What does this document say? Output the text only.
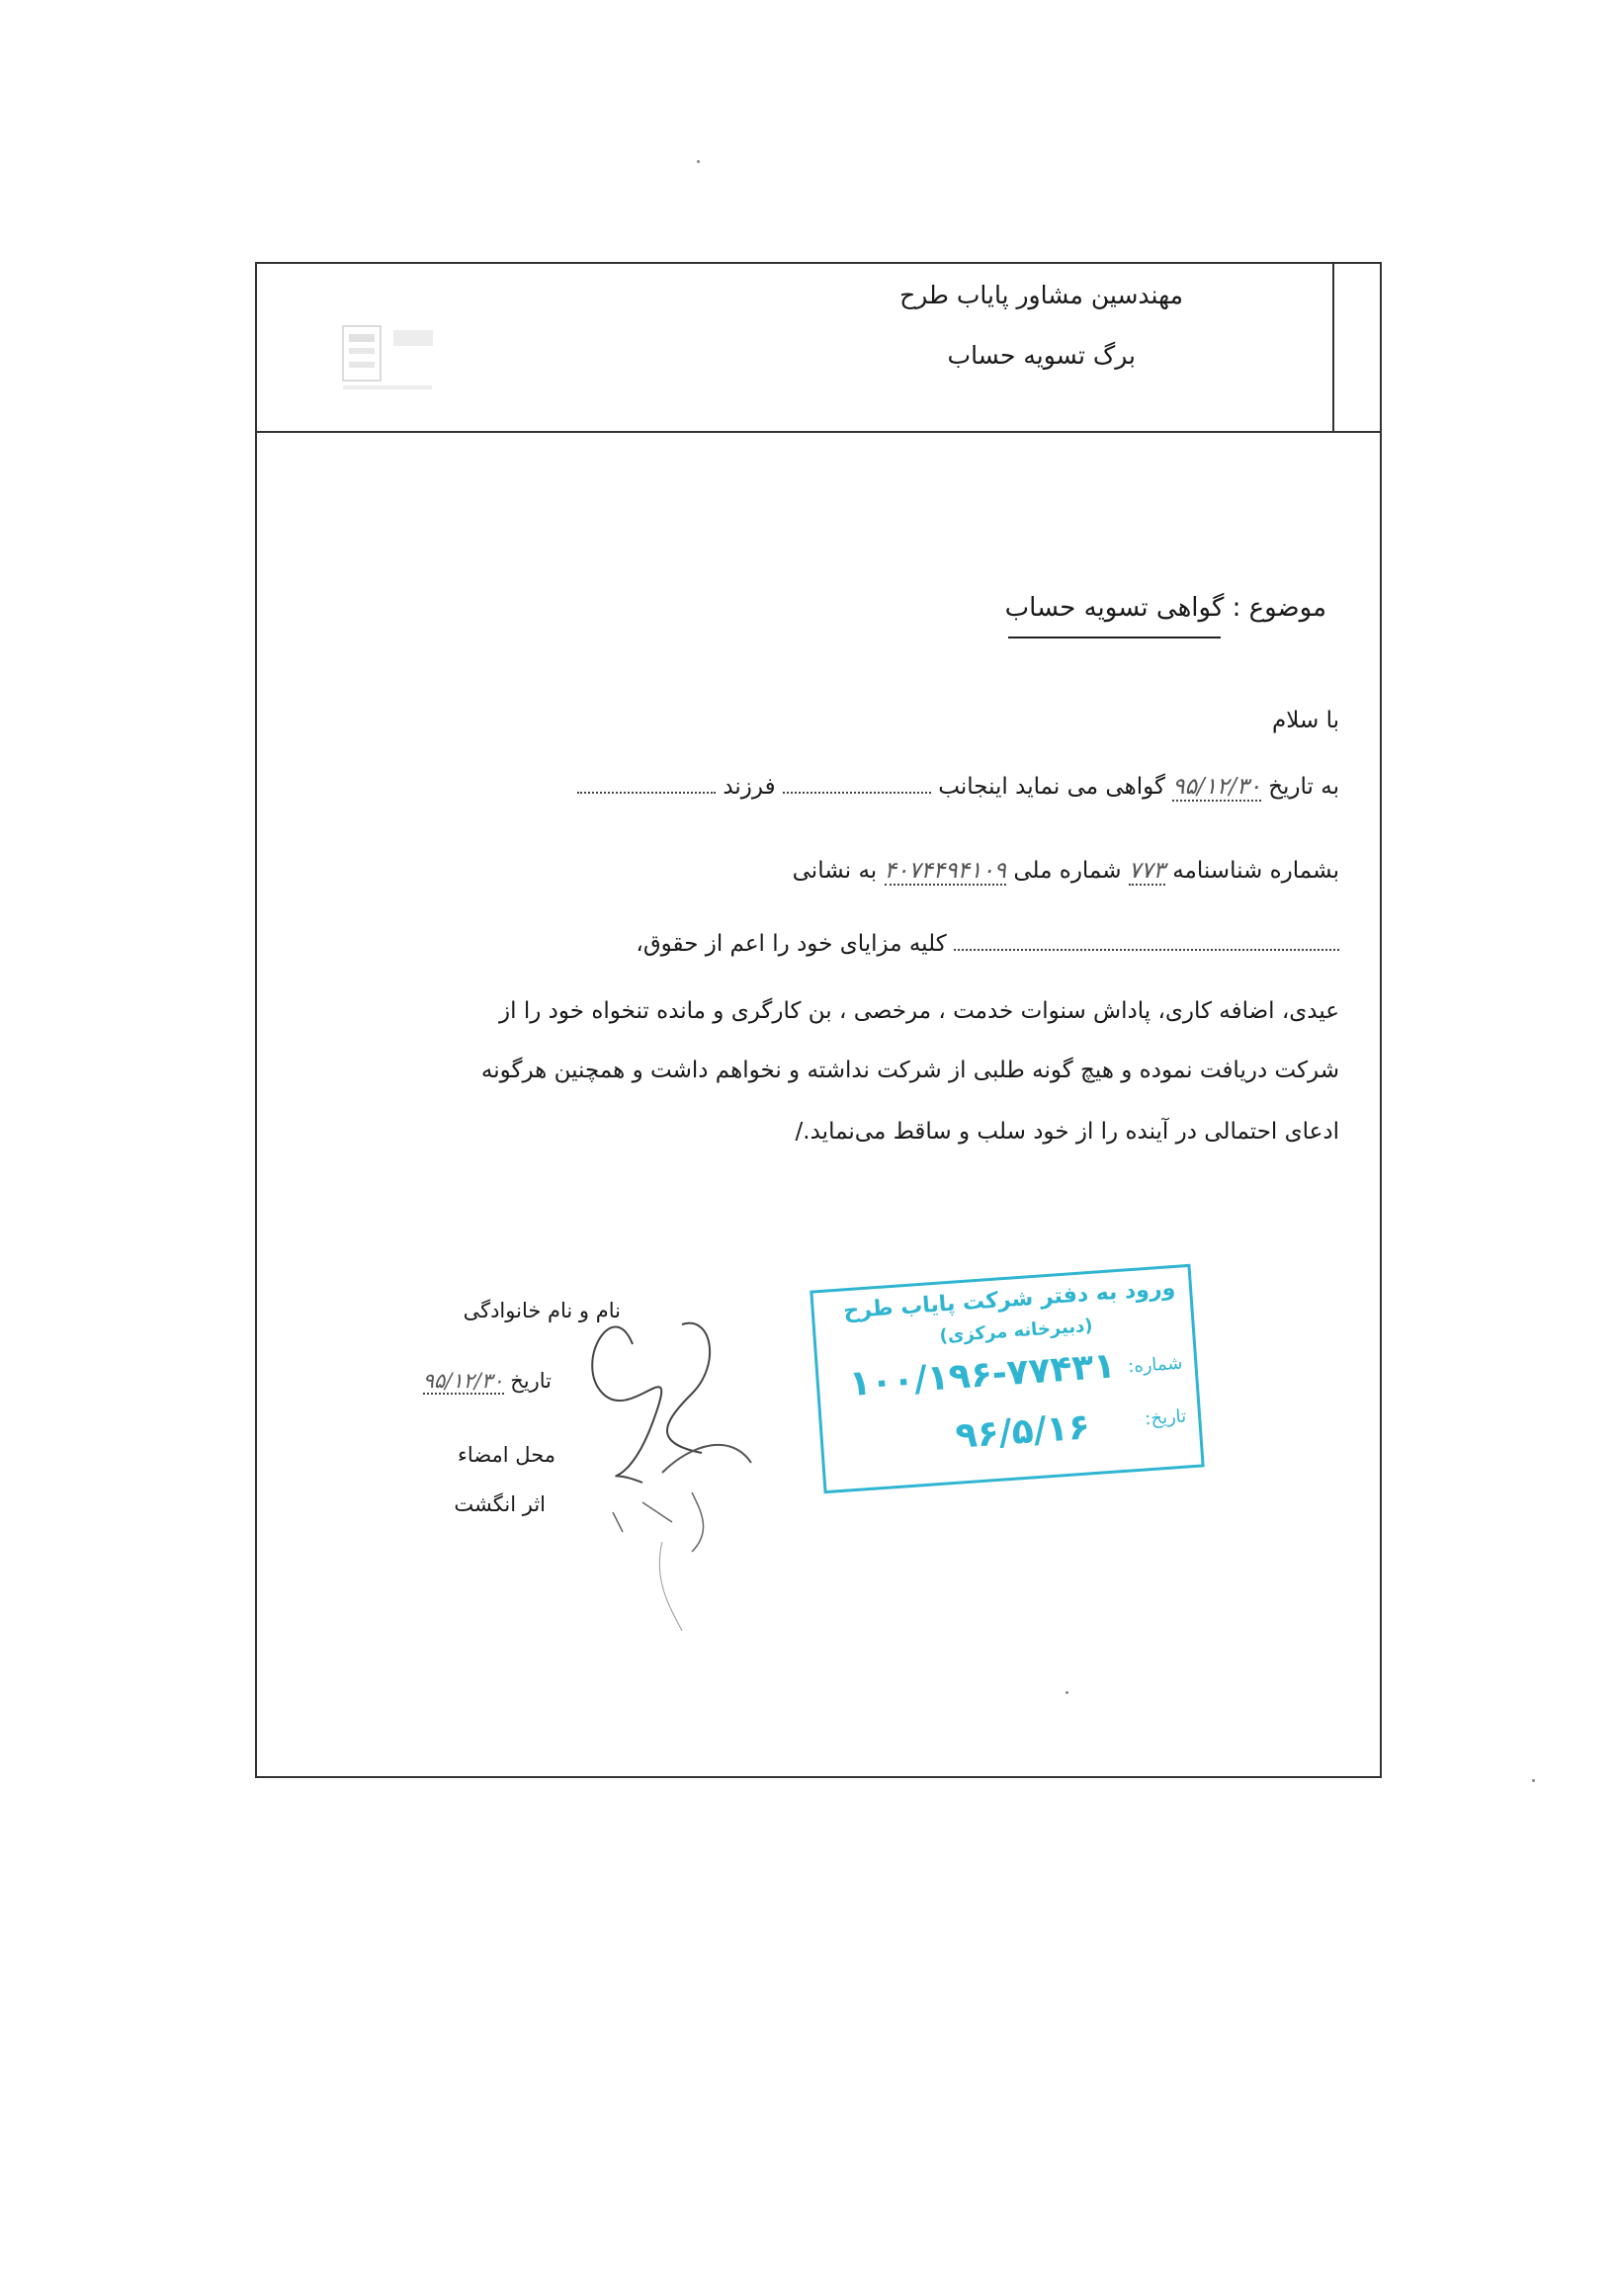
مهندسین مشاور پایاب طرح
برگ تسویه حساب
موضوع : گواهی تسویه حساب
با سلام
به تاریخ ۹۵/۱۲/۳۰ گواهی می نماید اینجانب  فرزند
بشماره شناسنامه ۷۷۳ شماره ملی ۴۰۷۴۴۹۴۱۰۹ به نشانی
کلیه مزایای خود را اعم از حقوق،
عیدی، اضافه کاری، پاداش سنوات خدمت ، مرخصی ، بن کارگری و مانده تنخواه خود را از
شرکت دریافت نموده و هیچ گونه طلبی از شرکت نداشته و نخواهم داشت و همچنین هرگونه
ادعای احتمالی در آینده را از خود سلب و ساقط می‌نماید./
نام و نام خانوادگی
تاریخ ۹۵/۱۲/۳۰
محل امضاء
اثر انگشت
ورود به دفتر شرکت پایاب طرح
(دبیرخانه مرکزی)
شماره:
۱۰۰/۱۹۶-۷۷۴۳۱
تاریخ:
۹۶/۵/۱۶
